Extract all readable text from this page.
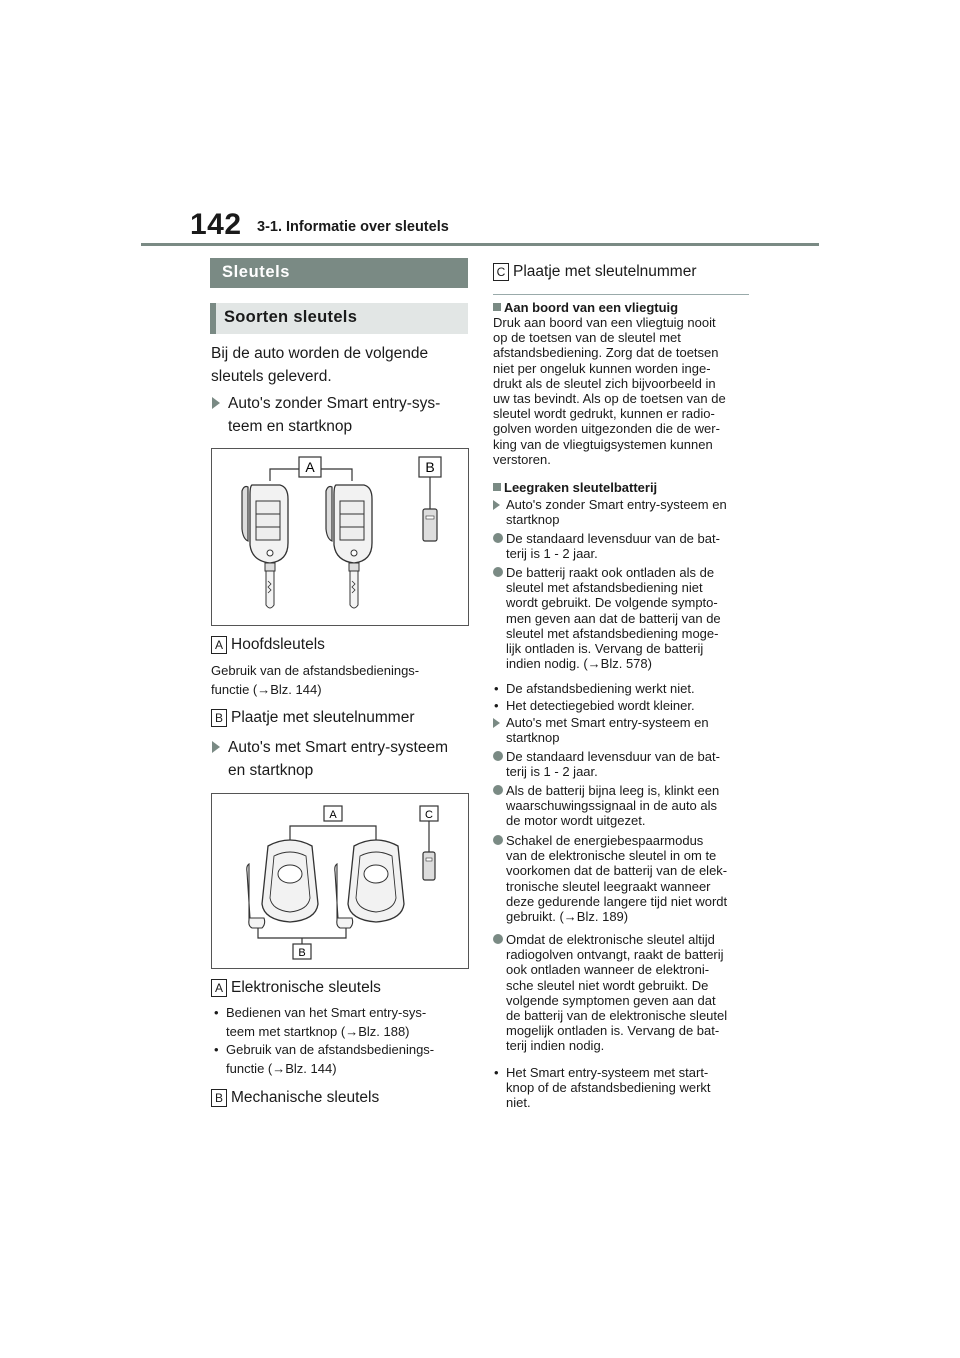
142 3-1. Informatie over sleutels
Sleutels
Soorten sleutels
Bij de auto worden de volgende
sleutels geleverd.
Auto's zonder Smart entry-sys-
teem en startknop
A	B
A Hoofdsleutels
Gebruik van de afstandsbedienings-
functie (→Blz. 144)
B Plaatje met sleutelnummer
Auto's met Smart entry-systeem
en startknop
A	C
B
A Elektronische sleutels
• Bedienen van het Smart entry-sys-
teem met startknop (→Blz. 188)
• Gebruik van de afstandsbedienings-
functie (→Blz. 144)
B Mechanische sleutels
C Plaatje met sleutelnummer
Aan boord van een vliegtuig
Druk aan boord van een vliegtuig nooit
op de toetsen van de sleutel met
afstandsbediening. Zorg dat de toetsen
niet per ongeluk kunnen worden inge-
drukt als de sleutel zich bijvoorbeeld in
uw tas bevindt. Als op de toetsen van de
sleutel wordt gedrukt, kunnen er radio-
golven worden uitgezonden die de wer-
king van de vliegtuigsystemen kunnen
verstoren.
Leegraken sleutelbatterij
Auto's zonder Smart entry-systeem en
startknop
De standaard levensduur van de bat-
terij is 1 - 2 jaar.
De batterij raakt ook ontladen als de
sleutel met afstandsbediening niet
wordt gebruikt. De volgende sympto-
men geven aan dat de batterij van de
sleutel met afstandsbediening moge-
lijk ontladen is. Vervang de batterij
indien nodig. (→Blz. 578)
• De afstandsbediening werkt niet.
• Het detectiegebied wordt kleiner.
Auto's met Smart entry-systeem en
startknop
De standaard levensduur van de bat-
terij is 1 - 2 jaar.
Als de batterij bijna leeg is, klinkt een
waarschuwingssignaal in de auto als
de motor wordt uitgezet.
Schakel de energiebespaarmodus
van de elektronische sleutel in om te
voorkomen dat de batterij van de elek-
tronische sleutel leegraakt wanneer
deze gedurende langere tijd niet wordt
gebruikt. (→Blz. 189)
Omdat de elektronische sleutel altijd
radiogolven ontvangt, raakt de batterij
ook ontladen wanneer de elektroni-
sche sleutel niet wordt gebruikt. De
volgende symptomen geven aan dat
de batterij van de elektronische sleutel
mogelijk ontladen is. Vervang de bat-
terij indien nodig.
• Het Smart entry-systeem met start-
knop of de afstandsbediening werkt
niet.
